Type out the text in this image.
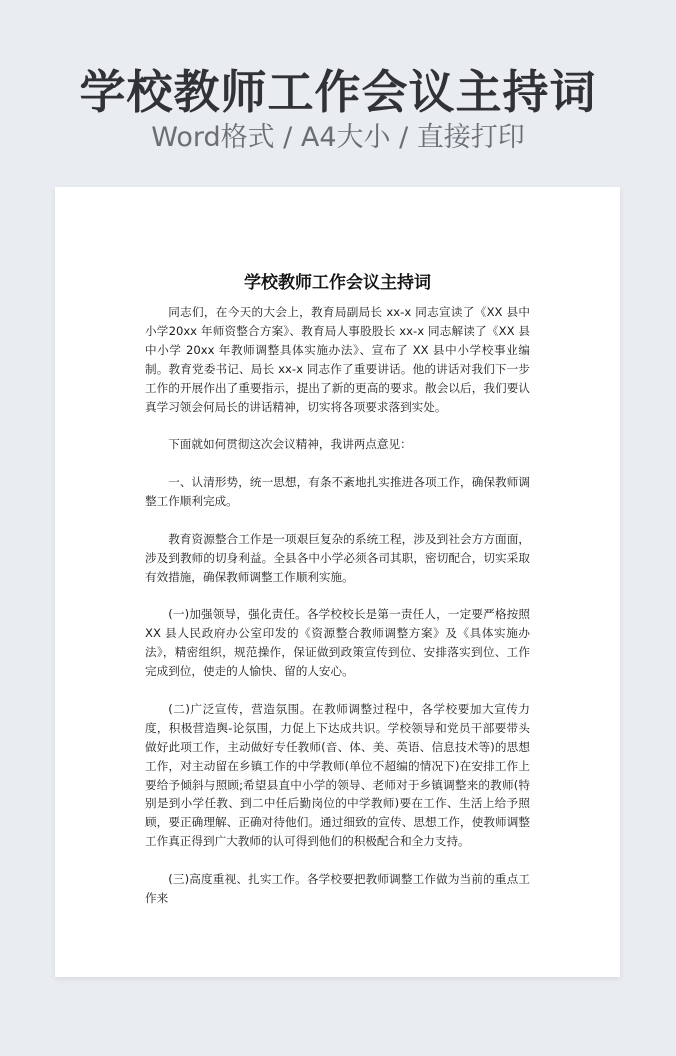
学校教师工作会议主持词
Word格式 / A4大小 / 直接打印
学校教师工作会议主持词

同志们，在今天的大会上，教育局副局长 xx-x 同志宣读了《XX 县中小学20xx 年师资整合方案》、教育局人事股股长 xx-x 同志解读了《XX 县中小学 20xx 年教师调整具体实施办法》、宣布了 XX 县中小学校事业编制。教育党委书记、局长 xx-x 同志作了重要讲话。他的讲话对我们下一步工作的开展作出了重要指示，提出了新的更高的要求。散会以后，我们要认真学习领会何局长的讲话精神，切实将各项要求落到实处。

下面就如何贯彻这次会议精神，我讲两点意见：

一、认清形势，统一思想，有条不紊地扎实推进各项工作，确保教师调整工作顺利完成。

教育资源整合工作是一项艰巨复杂的系统工程，涉及到社会方方面面，涉及到教师的切身利益。全县各中小学必须各司其职，密切配合，切实采取有效措施，确保教师调整工作顺利实施。

(一)加强领导，强化责任。各学校校长是第一责任人，一定要严格按照 XX 县人民政府办公室印发的《资源整合教师调整方案》及《具体实施办法》，精密组织，规范操作，保证做到政策宣传到位、安排落实到位、工作完成到位，使走的人愉快、留的人安心。

(二)广泛宣传，营造氛围。在教师调整过程中，各学校要加大宣传力度，积极营造舆-论氛围，力促上下达成共识。学校领导和党员干部要带头做好此项工作，主动做好专任教师(音、体、美、英语、信息技术等)的思想工作，对主动留在乡镇工作的中学教师(单位不超编的情况下)在安排工作上要给予倾斜与照顾;希望县直中小学的领导、老师对于乡镇调整来的教师(特别是到小学任教、到二中任后勤岗位的中学教师)要在工作、生活上给予照顾，要正确理解、正确对待他们。通过细致的宣传、思想工作，使教师调整工作真正得到广大教师的认可得到他们的积极配合和全力支持。

(三)高度重视、扎实工作。各学校要把教师调整工作做为当前的重点工作来
